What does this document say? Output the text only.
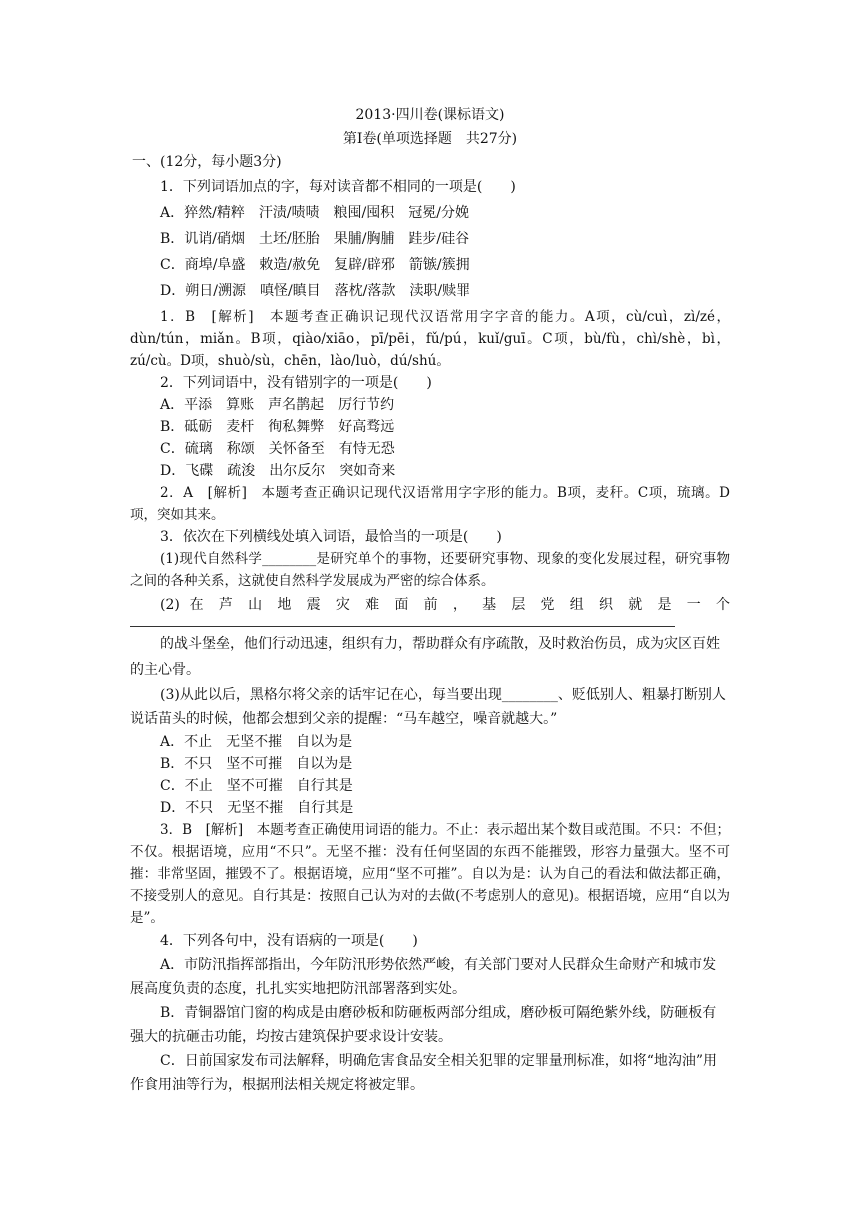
2013·四川卷(课标语文)
第Ⅰ卷(单项选择题　共27分)

一、(12分，每小题3分)

1．下列词语加点的字，每对读音都不相同的一项是(　　)

A．猝然/精粹　汗渍/啧啧　粮囤/囤积　冠冕/分娩

B．讥诮/硝烟　土坯/胚胎　果脯/胸脯　跬步/硅谷

C．商埠/阜盛　敕造/赦免　复辟/辟邪　箭镞/簇拥

D．朔日/溯源　嗔怪/瞋目　落枕/落款　渎职/赎罪

1．B　[解析]　本题考查正确识记现代汉语常用字字音的能力。A项，cù/cuì，zì/zé，dùn/tún，miǎn。B项，qiào/xiāo，pī/pēi，fǔ/pú，kuǐ/guī。C项，bù/fù，chì/shè，bì，zú/cù。D项，shuò/sù，chēn，lào/luò，dú/shú。

2．下列词语中，没有错别字的一项是(　　)

A．平添　算账　声名鹊起　厉行节约

B．砥砺　麦杆　徇私舞弊　好高骛远

C．硫璃　称颂　关怀备至　有恃无恐

D．飞碟　疏浚　出尔反尔　突如奇来

2．A　[解析]　本题考查正确识记现代汉语常用字字形的能力。B项，麦秆。C项，琉璃。D项，突如其来。

3．依次在下列横线处填入词语，最恰当的一项是(　　)

(1)现代自然科学________是研究单个的事物，还要研究事物、现象的变化发展过程，研究事物之间的各种关系，这就使自然科学发展成为严密的综合体系。

(2) 在 芦 山 地 震 灾 难 面 前 ， 基 层 党 组 织 就 是 一 个

的战斗堡垒，他们行动迅速，组织有力，帮助群众有序疏散，及时救治伤员，成为灾区百姓的主心骨。

(3)从此以后，黑格尔将父亲的话牢记在心，每当要出现________、贬低别人、粗暴打断别人说话苗头的时候，他都会想到父亲的提醒：“马车越空，噪音就越大。”

A．不止　无坚不摧　自以为是

B．不只　坚不可摧　自以为是

C．不止　坚不可摧　自行其是

D．不只　无坚不摧　自行其是

3．B　[解析]　本题考查正确使用词语的能力。不止：表示超出某个数目或范围。不只：不但；不仅。根据语境，应用“不只”。无坚不摧：没有任何坚固的东西不能摧毁，形容力量强大。坚不可摧：非常坚固，摧毁不了。根据语境，应用“坚不可摧”。自以为是：认为自己的看法和做法都正确，不接受别人的意见。自行其是：按照自己认为对的去做(不考虑别人的意见)。根据语境，应用“自以为是”。

4．下列各句中，没有语病的一项是(　　)

A．市防汛指挥部指出，今年防汛形势依然严峻，有关部门要对人民群众生命财产和城市发展高度负责的态度，扎扎实实地把防汛部署落到实处。

B．青铜器馆门窗的构成是由磨砂板和防砸板两部分组成，磨砂板可隔绝紫外线，防砸板有强大的抗砸击功能，均按古建筑保护要求设计安装。

C．日前国家发布司法解释，明确危害食品安全相关犯罪的定罪量刑标准，如将“地沟油”用作食用油等行为，根据刑法相关规定将被定罪。
